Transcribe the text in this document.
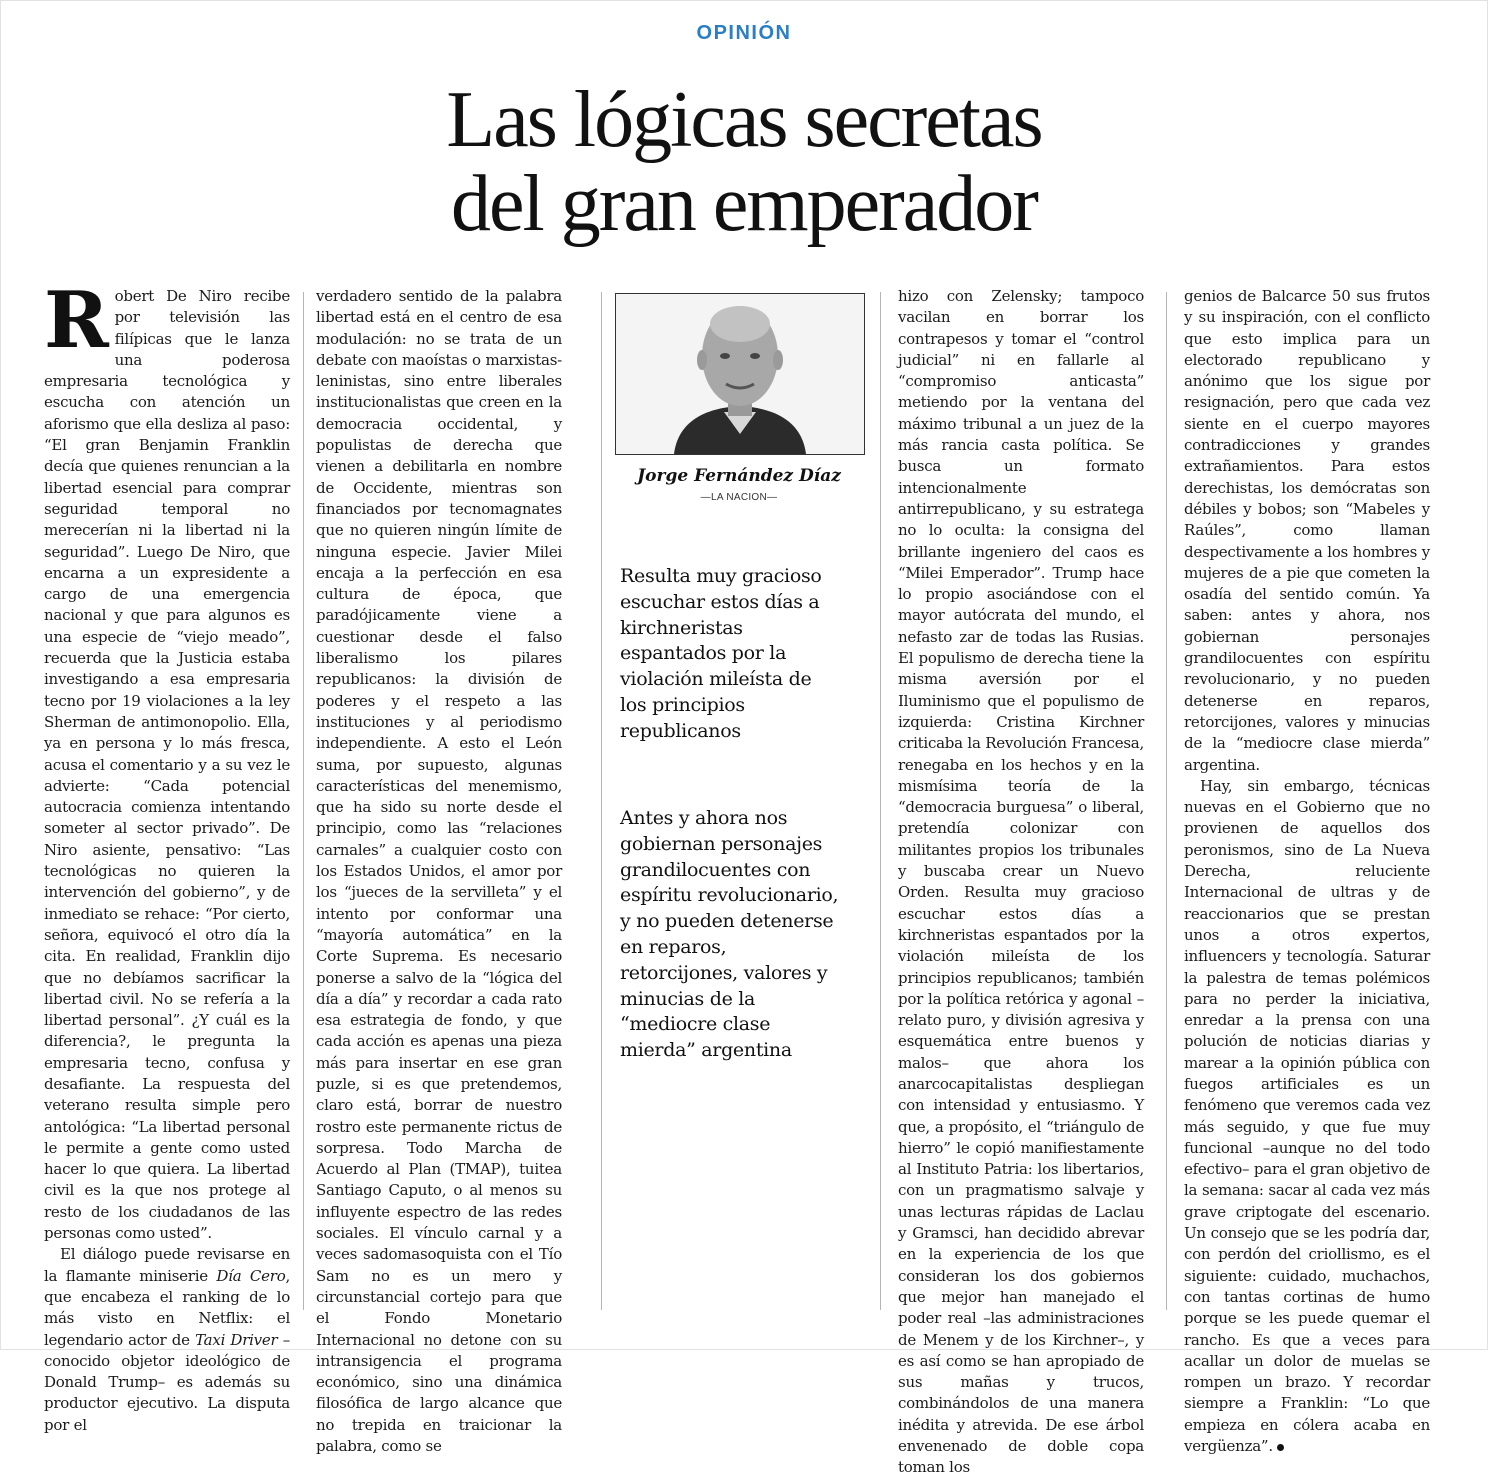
OPINIÓN
Las lógicas secretas
del gran emperador

Robert De Niro recibe por televisión las filípicas que le lanza una poderosa empresaria tecnológica y escucha con atención un aforismo que ella desliza al paso: “El gran Benjamin Franklin decía que quienes renuncian a la libertad esencial para comprar seguridad temporal no merecerían ni la libertad ni la seguridad”. Luego De Niro, que encarna a un expresidente a cargo de una emergencia nacional y que para algunos es una especie de “viejo meado”, recuerda que la Justicia estaba investigando a esa empresaria tecno por 19 violaciones a la ley Sherman de antimonopolio. Ella, ya en persona y lo más fresca, acusa el comentario y a su vez le advierte: “Cada potencial autocracia comienza intentando someter al sector privado”. De Niro asiente, pensativo: “Las tecnológicas no quieren la intervención del gobierno”, y de inmediato se rehace: “Por cierto, señora, equivocó el otro día la cita. En realidad, Franklin dijo que no debíamos sacrificar la libertad civil. No se refería a la libertad personal”. ¿Y cuál es la diferencia?, le pregunta la empresaria tecno, confusa y desafiante. La respuesta del veterano resulta simple pero antológica: “La libertad personal le permite a gente como usted hacer lo que quiera. La libertad civil es la que nos protege al resto de los ciudadanos de las personas como usted”.

El diálogo puede revisarse en la flamante miniserie Día Cero, que encabeza el ranking de lo más visto en Netflix: el legendario actor de Taxi Driver –conocido objetor ideológico de Donald Trump– es además su productor ejecutivo. La disputa por el

verdadero sentido de la palabra libertad está en el centro de esa modulación: no se trata de un debate con maoístas o marxistas-leninistas, sino entre liberales institucionalistas que creen en la democracia occidental, y populistas de derecha que vienen a debilitarla en nombre de Occidente, mientras son financiados por tecnomagnates que no quieren ningún límite de ninguna especie. Javier Milei encaja a la perfección en esa cultura de época, que paradójicamente viene a cuestionar desde el falso liberalismo los pilares republicanos: la división de poderes y el respeto a las instituciones y al periodismo independiente. A esto el León suma, por supuesto, algunas características del menemismo, que ha sido su norte desde el principio, como las “relaciones carnales” a cualquier costo con los Estados Unidos, el amor por los “jueces de la servilleta” y el intento por conformar una “mayoría automática” en la Corte Suprema. Es necesario ponerse a salvo de la “lógica del día a día” y recordar a cada rato esa estrategia de fondo, y que cada acción es apenas una pieza más para insertar en ese gran puzle, si es que pretendemos, claro está, borrar de nuestro rostro este permanente rictus de sorpresa. Todo Marcha de Acuerdo al Plan (TMAP), tuitea Santiago Caputo, o al menos su influyente espectro de las redes sociales. El vínculo carnal y a veces sadomasoquista con el Tío Sam no es un mero y circunstancial cortejo para que el Fondo Monetario Internacional no detone con su intransigencia el programa económico, sino una dinámica filosófica de largo alcance que no trepida en traicionar la palabra, como se

Jorge Fernández Díaz
—LA NACION—
Resulta muy gracioso escuchar estos días a kirchneristas espantados por la violación mileísta de los principios republicanos
Antes y ahora nos gobiernan personajes grandilocuentes con espíritu revolucionario, y no pueden detenerse en reparos, retorcijones, valores y minucias de la “mediocre clase mierda” argentina

hizo con Zelensky; tampoco vacilan en borrar los contrapesos y tomar el “control judicial” ni en fallarle al “compromiso anticasta” metiendo por la ventana del máximo tribunal a un juez de la más rancia casta política. Se busca un formato intencionalmente antirrepublicano, y su estratega no lo oculta: la consigna del brillante ingeniero del caos es “Milei Emperador”. Trump hace lo propio asociándose con el mayor autócrata del mundo, el nefasto zar de todas las Rusias. El populismo de derecha tiene la misma aversión por el Iluminismo que el populismo de izquierda: Cristina Kirchner criticaba la Revolución Francesa, renegaba en los hechos y en la mismísima teoría de la “democracia burguesa” o liberal, pretendía colonizar con militantes propios los tribunales y buscaba crear un Nuevo Orden. Resulta muy gracioso escuchar estos días a kirchneristas espantados por la violación mileísta de los principios republicanos; también por la política retórica y agonal –relato puro, y división agresiva y esquemática entre buenos y malos– que ahora los anarcocapitalistas despliegan con intensidad y entusiasmo. Y que, a propósito, el “triángulo de hierro” le copió manifiestamente al Instituto Patria: los libertarios, con un pragmatismo salvaje y unas lecturas rápidas de Laclau y Gramsci, han decidido abrevar en la experiencia de los que consideran los dos gobiernos que mejor han manejado el poder real –las administraciones de Menem y de los Kirchner–, y es así como se han apropiado de sus mañas y trucos, combinándolos de una manera inédita y atrevida. De ese árbol envenenado de doble copa toman los

genios de Balcarce 50 sus frutos y su inspiración, con el conflicto que esto implica para un electorado republicano y anónimo que los sigue por resignación, pero que cada vez siente en el cuerpo mayores contradicciones y grandes extrañamientos. Para estos derechistas, los demócratas son débiles y bobos; son “Mabeles y Raúles”, como llaman despectivamente a los hombres y mujeres de a pie que cometen la osadía del sentido común. Ya saben: antes y ahora, nos gobiernan personajes grandilocuentes con espíritu revolucionario, y no pueden detenerse en reparos, retorcijones, valores y minucias de la “mediocre clase mierda” argentina.

Hay, sin embargo, técnicas nuevas en el Gobierno que no provienen de aquellos dos peronismos, sino de La Nueva Derecha, reluciente Internacional de ultras y de reaccionarios que se prestan unos a otros expertos, influencers y tecnología. Saturar la palestra de temas polémicos para no perder la iniciativa, enredar a la prensa con una polución de noticias diarias y marear a la opinión pública con fuegos artificiales es un fenómeno que veremos cada vez más seguido, y que fue muy funcional –aunque no del todo efectivo– para el gran objetivo de la semana: sacar al cada vez más grave criptogate del escenario. Un consejo que se les podría dar, con perdón del criollismo, es el siguiente: cuidado, muchachos, con tantas cortinas de humo porque se les puede quemar el rancho. Es que a veces para acallar un dolor de muelas se rompen un brazo. Y recordar siempre a Franklin: “Lo que empieza en cólera acaba en vergüenza”.
